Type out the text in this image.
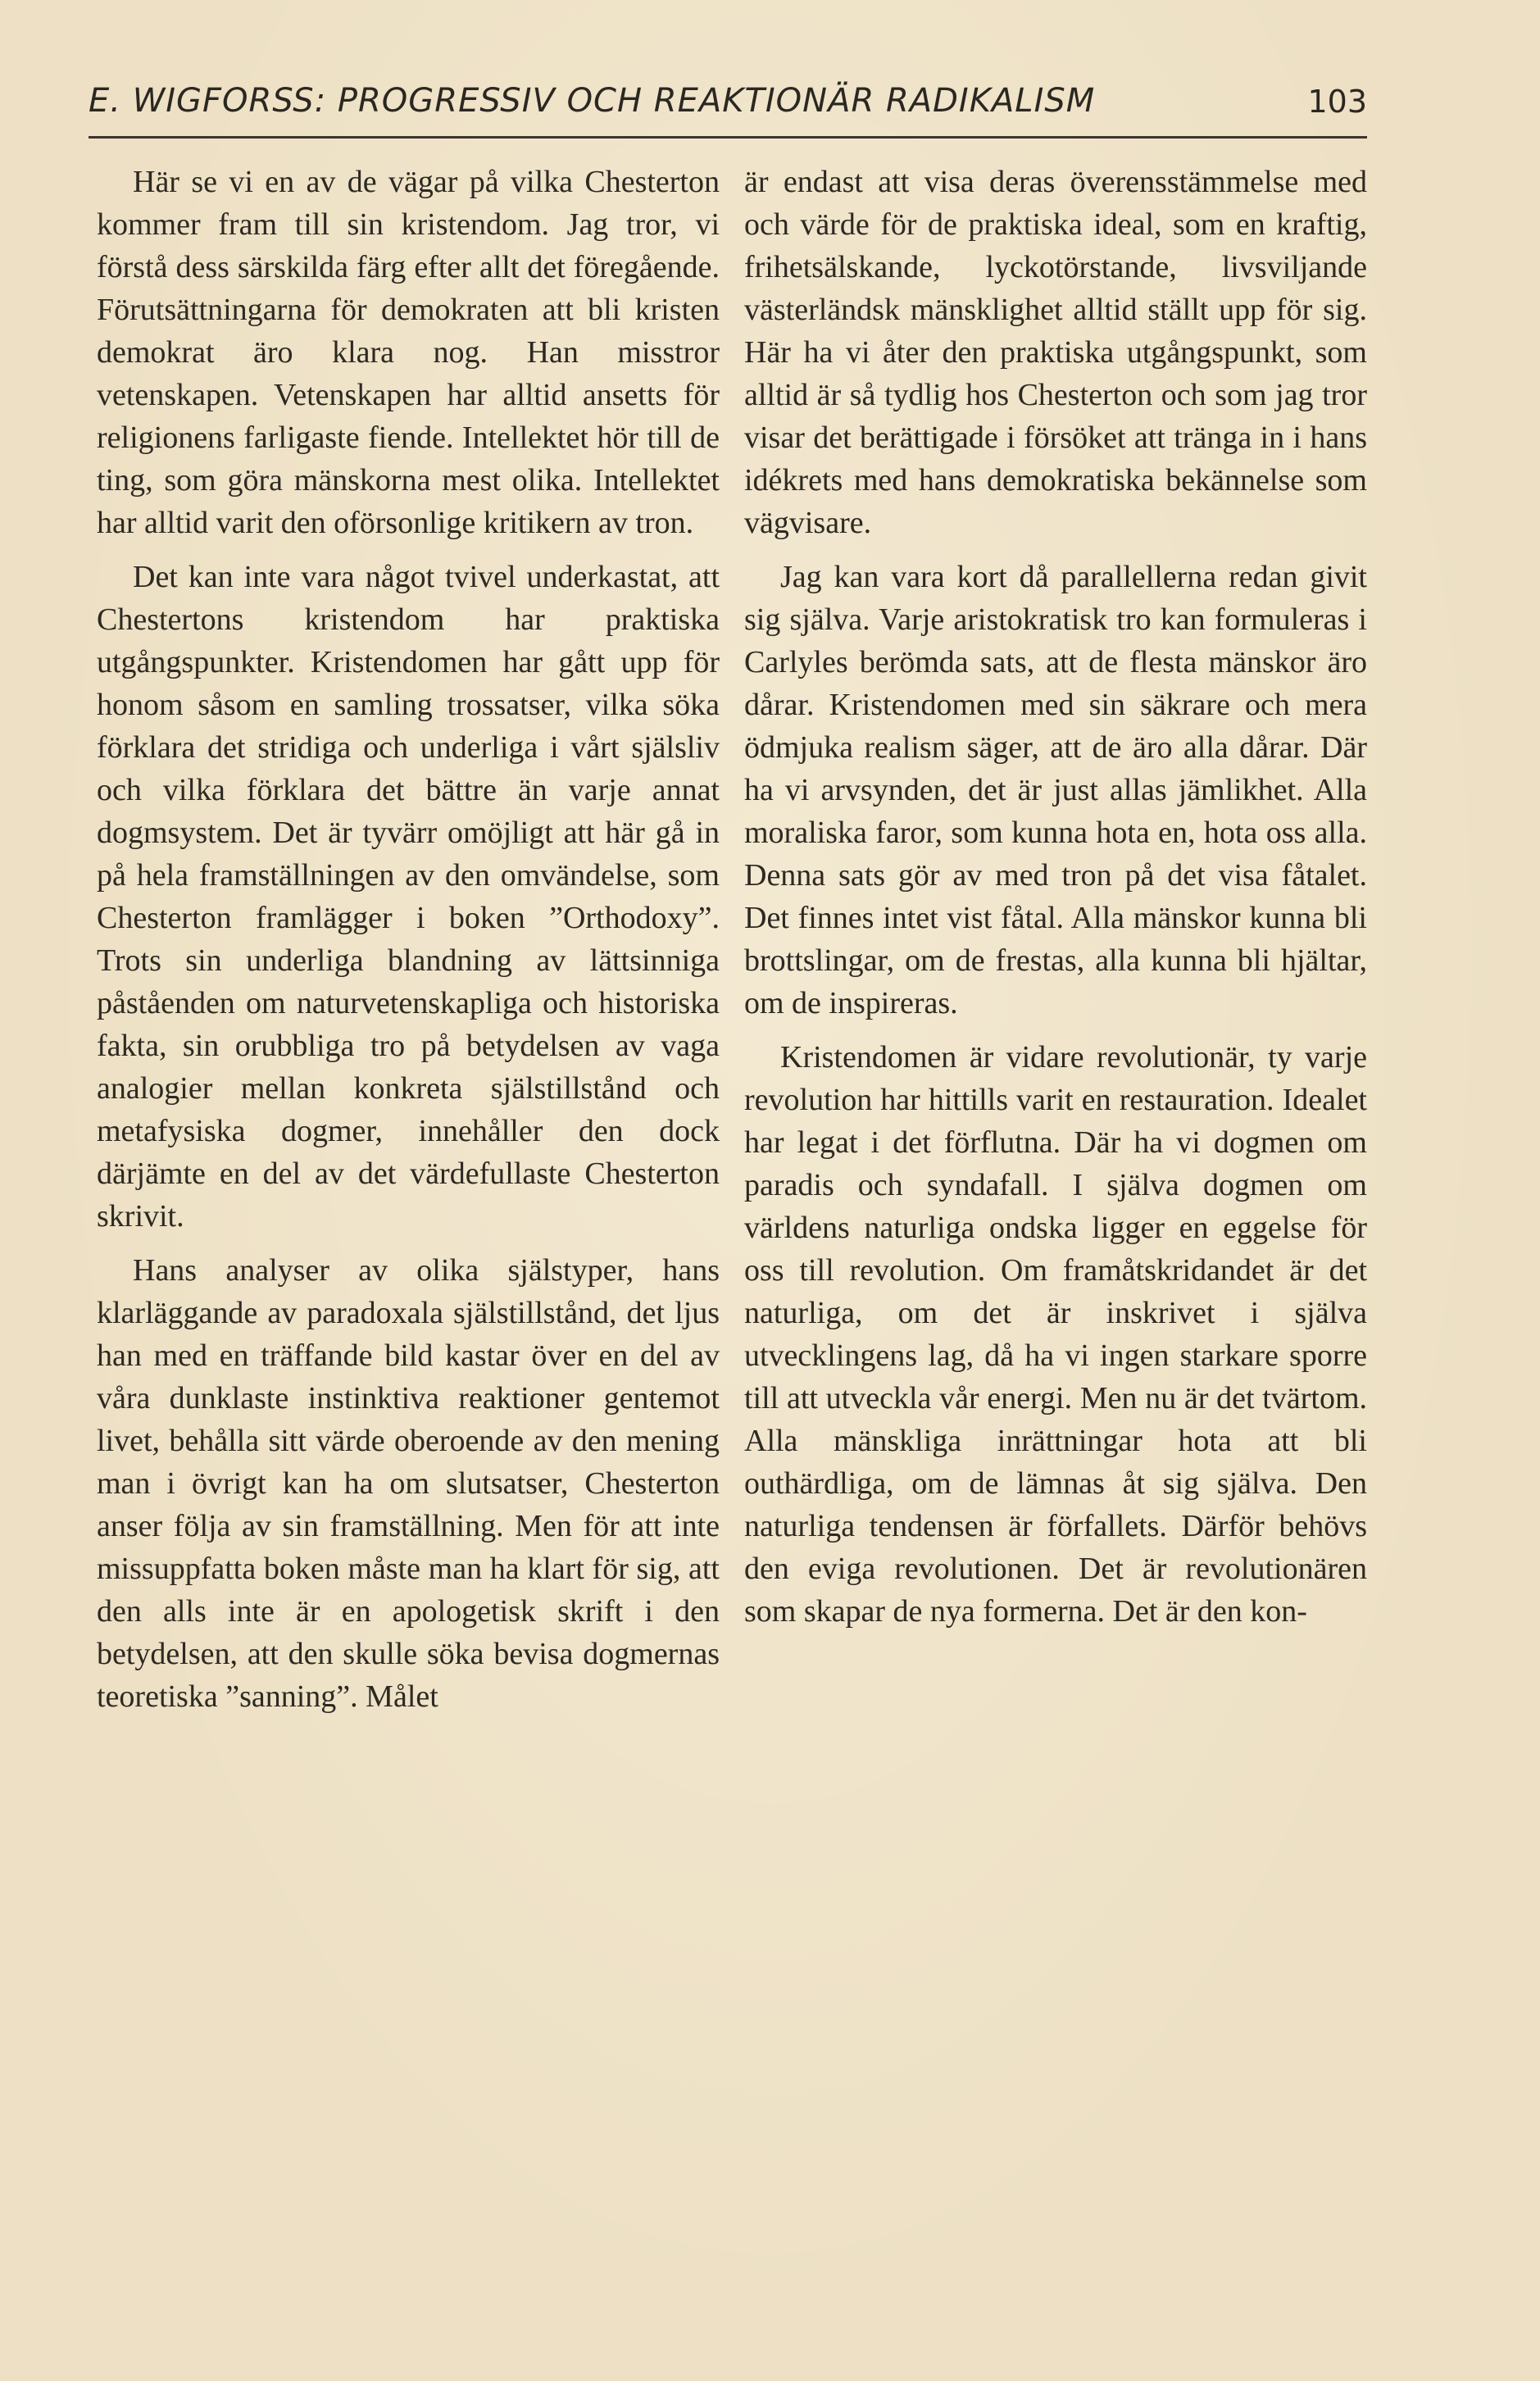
E. WIGFORSS: PROGRESSIV OCH REAKTIONÄR RADIKALISM	103

Här se vi en av de vägar på vilka Chesterton kommer fram till sin kristendom. Jag tror, vi förstå dess särskilda färg efter allt det föregående. Förutsättningarna för demokraten att bli kristen demokrat äro klara nog. Han misstror vetenskapen. Vetenskapen har alltid ansetts för religionens farligaste fiende. Intellektet hör till de ting, som göra mänskorna mest olika. Intellektet har alltid varit den oförsonlige kritikern av tron.

Det kan inte vara något tvivel underkastat, att Chestertons kristendom har praktiska utgångspunkter. Kristendomen har gått upp för honom såsom en samling trossatser, vilka söka förklara det stridiga och underliga i vårt själsliv och vilka förklara det bättre än varje annat dogmsystem. Det är tyvärr omöjligt att här gå in på hela framställningen av den omvändelse, som Chesterton framlägger i boken ”Orthodoxy”. Trots sin underliga blandning av lättsinniga påståenden om naturvetenskapliga och historiska fakta, sin orubbliga tro på betydelsen av vaga analogier mellan konkreta själstillstånd och metafysiska dogmer, innehåller den dock därjämte en del av det värdefullaste Chesterton skrivit.

Hans analyser av olika själstyper, hans klarläggande av paradoxala själstillstånd, det ljus han med en träffande bild kastar över en del av våra dunklaste instinktiva reaktioner gentemot livet, behålla sitt värde oberoende av den mening man i övrigt kan ha om slutsatser, Chesterton anser följa av sin framställning. Men för att inte missuppfatta boken måste man ha klart för sig, att den alls inte är en apologetisk skrift i den betydelsen, att den skulle söka bevisa dogmernas teoretiska ”sanning”. Målet

är endast att visa deras överensstämmelse med och värde för de praktiska ideal, som en kraftig, frihetsälskande, lyckotörstande, livsviljande västerländsk mänsklighet alltid ställt upp för sig. Här ha vi åter den praktiska utgångspunkt, som alltid är så tydlig hos Chesterton och som jag tror visar det berättigade i försöket att tränga in i hans idékrets med hans demokratiska bekännelse som vägvisare.

Jag kan vara kort då parallellerna redan givit sig själva. Varje aristokratisk tro kan formuleras i Carlyles berömda sats, att de flesta mänskor äro dårar. Kristendomen med sin säkrare och mera ödmjuka realism säger, att de äro alla dårar. Där ha vi arvsynden, det är just allas jämlikhet. Alla moraliska faror, som kunna hota en, hota oss alla. Denna sats gör av med tron på det visa fåtalet. Det finnes intet vist fåtal. Alla mänskor kunna bli brottslingar, om de frestas, alla kunna bli hjältar, om de inspireras.

Kristendomen är vidare revolutionär, ty varje revolution har hittills varit en restauration. Idealet har legat i det förflutna. Där ha vi dogmen om paradis och syndafall. I själva dogmen om världens naturliga ondska ligger en eggelse för oss till revolution. Om framåtskridandet är det naturliga, om det är inskrivet i själva utvecklingens lag, då ha vi ingen starkare sporre till att utveckla vår energi. Men nu är det tvärtom. Alla mänskliga inrättningar hota att bli outhärdliga, om de lämnas åt sig själva. Den naturliga tendensen är förfallets. Därför behövs den eviga revolutionen. Det är revolutionären som skapar de nya formerna. Det är den kon-
